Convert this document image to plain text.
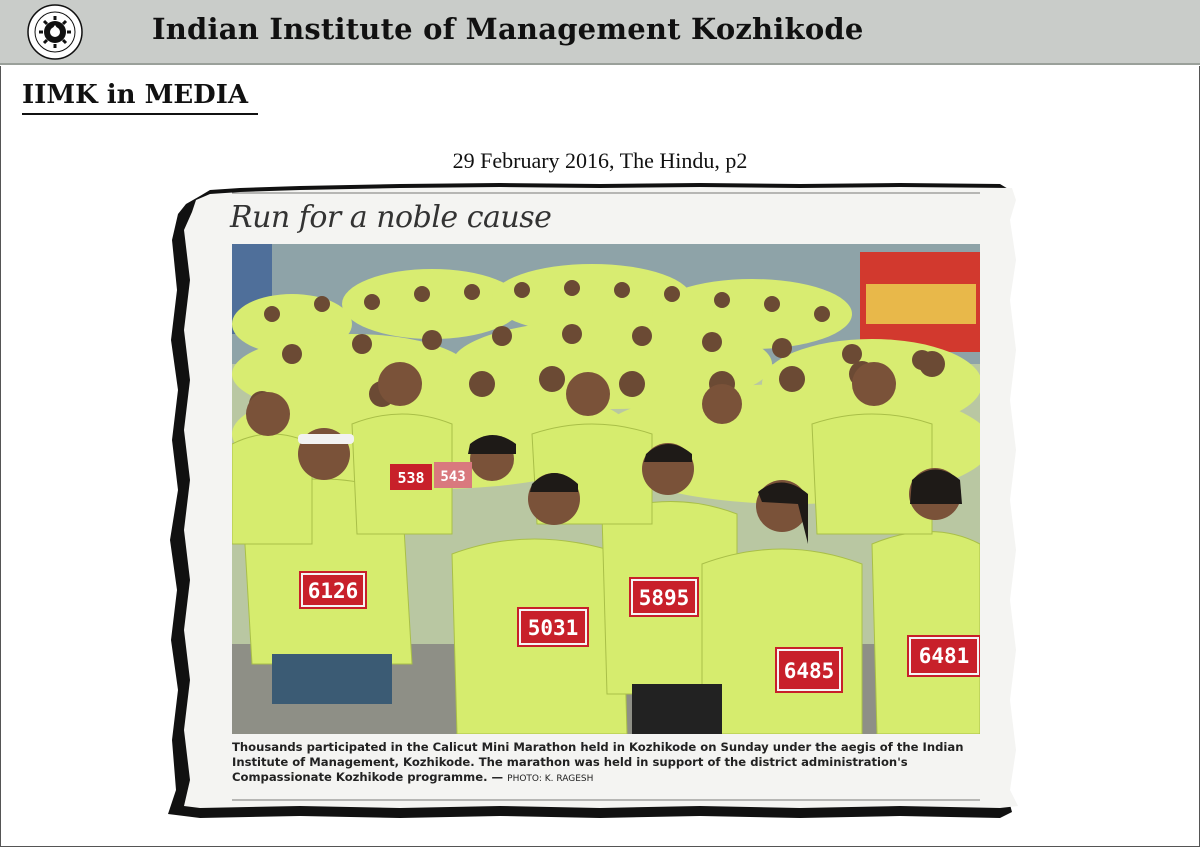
Indian Institute of Management Kozhikode
IIMK in MEDIA
29 February 2016, The Hindu, p2
Run for a noble cause
6126
5031
5895
6485
6481
538 543
Thousands participated in the Calicut Mini Marathon held in Kozhikode on Sunday under the aegis of the Indian Institute of Management, Kozhikode. The marathon was held in support of the district administration's Compassionate Kozhikode programme. — PHOTO: K. RAGESH
